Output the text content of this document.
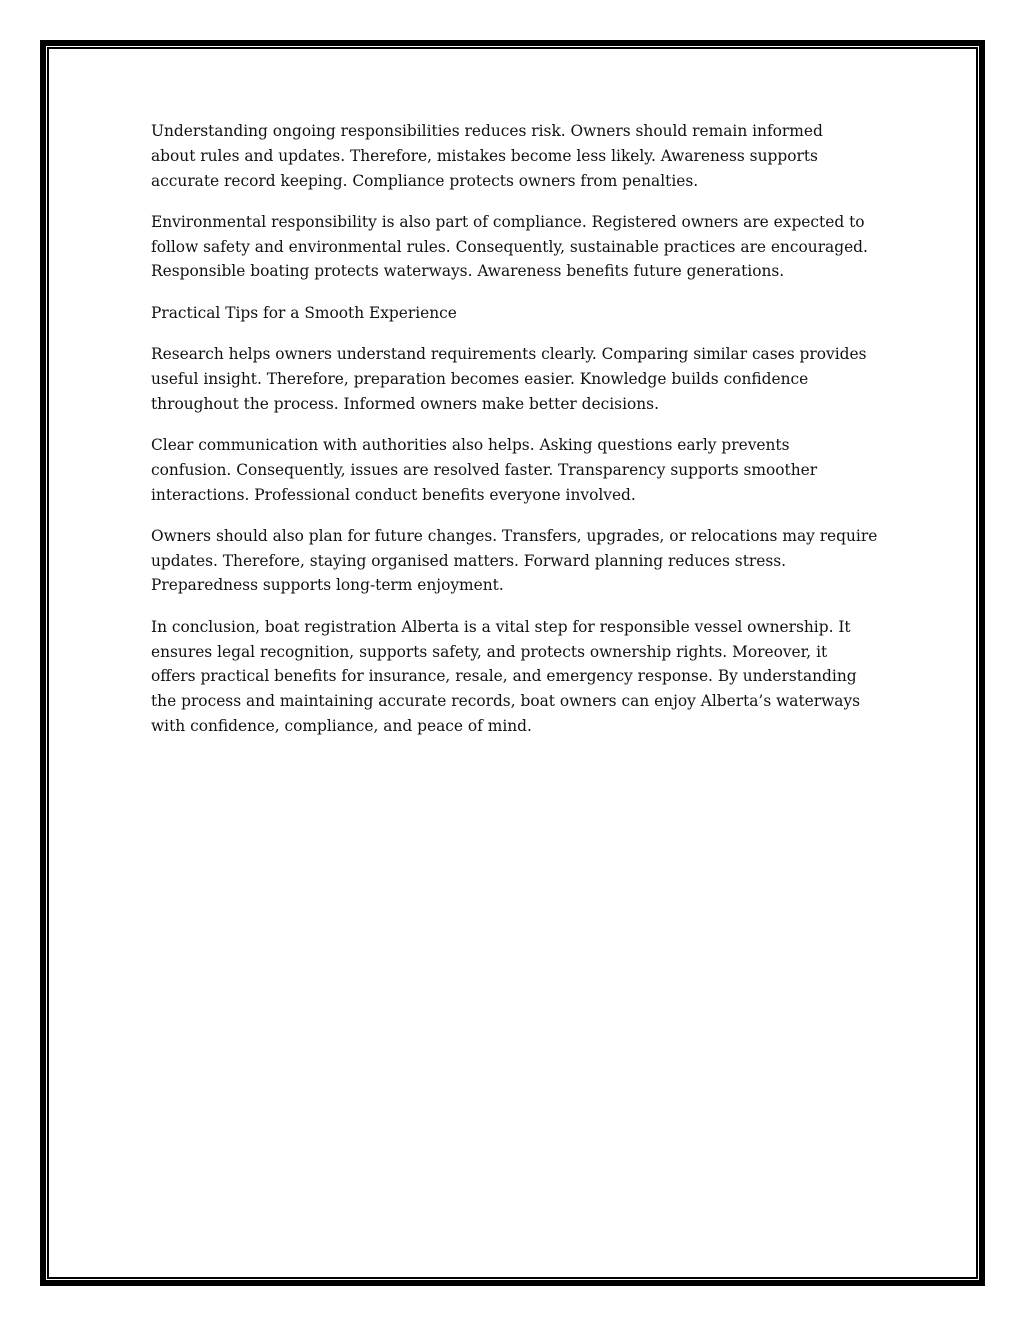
Understanding ongoing responsibilities reduces risk. Owners should remain informed
about rules and updates. Therefore, mistakes become less likely. Awareness supports
accurate record keeping. Compliance protects owners from penalties.

Environmental responsibility is also part of compliance. Registered owners are expected to
follow safety and environmental rules. Consequently, sustainable practices are encouraged.
Responsible boating protects waterways. Awareness benefits future generations.

Practical Tips for a Smooth Experience

Research helps owners understand requirements clearly. Comparing similar cases provides
useful insight. Therefore, preparation becomes easier. Knowledge builds confidence
throughout the process. Informed owners make better decisions.

Clear communication with authorities also helps. Asking questions early prevents
confusion. Consequently, issues are resolved faster. Transparency supports smoother
interactions. Professional conduct benefits everyone involved.

Owners should also plan for future changes. Transfers, upgrades, or relocations may require
updates. Therefore, staying organised matters. Forward planning reduces stress.
Preparedness supports long-term enjoyment.

In conclusion, boat registration Alberta is a vital step for responsible vessel ownership. It
ensures legal recognition, supports safety, and protects ownership rights. Moreover, it
offers practical benefits for insurance, resale, and emergency response. By understanding
the process and maintaining accurate records, boat owners can enjoy Alberta’s waterways
with confidence, compliance, and peace of mind.
